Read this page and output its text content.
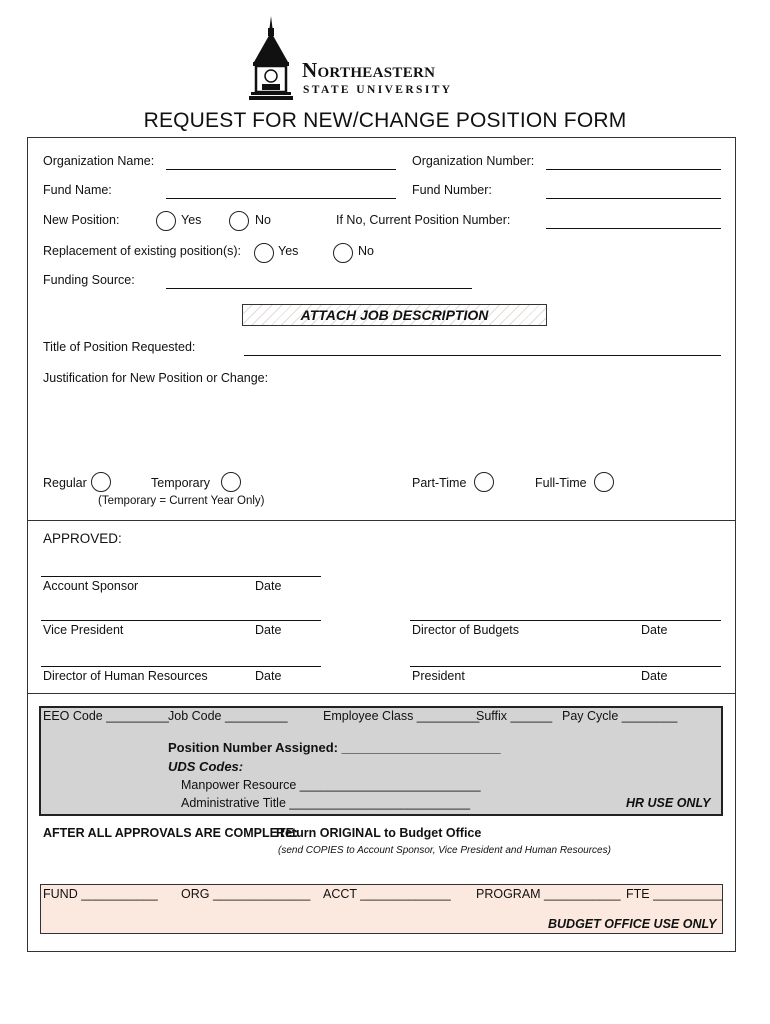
Northeastern
STATE UNIVERSITY
REQUEST FOR NEW/CHANGE POSITION FORM
Organization Name:	Organization Number:
Fund Name:	Fund Number:
New Position:	Yes	No	If No, Current Position Number:
Replacement of existing position(s):	Yes	No
Funding Source:
ATTACH JOB DESCRIPTION
Title of Position Requested:
Justification for New Position or Change:
Regular	Temporary
(Temporary = Current Year Only)
Part-Time	Full-Time
APPROVED:
Account Sponsor	Date
Vice President	Date	Director of Budgets	Date
Director of Human Resources	Date	President	Date
EEO Code _________ Job Code _________	Employee Class _________
Suffix ______ Pay Cycle ________
Position Number Assigned: ______________________
UDS Codes:
Manpower Resource __________________________
Administrative Title __________________________	HR USE ONLY
AFTER ALL APPROVALS ARE COMPLETE:
Return ORIGINAL to Budget Office
(send COPIES to Account Sponsor, Vice President and Human Resources)
FUND ___________ ORG ______________ ACCT _____________ PROGRAM ___________ FTE __________
BUDGET OFFICE USE ONLY
